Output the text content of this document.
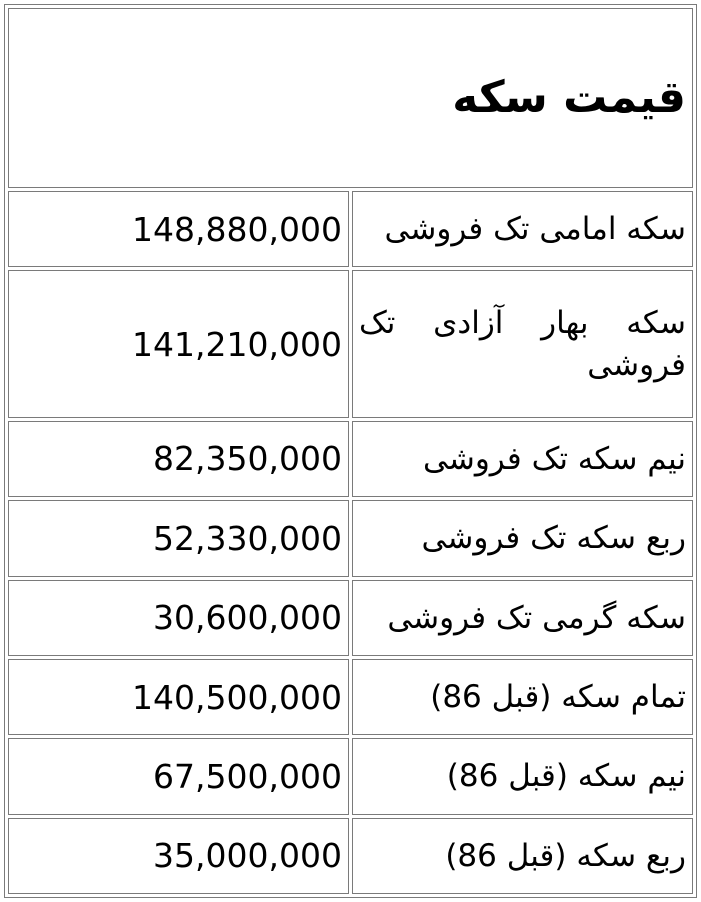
قیمت سکه	
سکه امامی تک فروشی	148,880,000
سکه بهار آزادی تک فروشی	141,210,000
نیم سکه تک فروشی	82,350,000
ربع سکه تک فروشی	52,330,000
سکه گرمی تک فروشی	30,600,000
تمام سکه (قبل 86)	140,500,000
نیم سکه (قبل 86)	67,500,000
ربع سکه (قبل 86)	35,000,000
